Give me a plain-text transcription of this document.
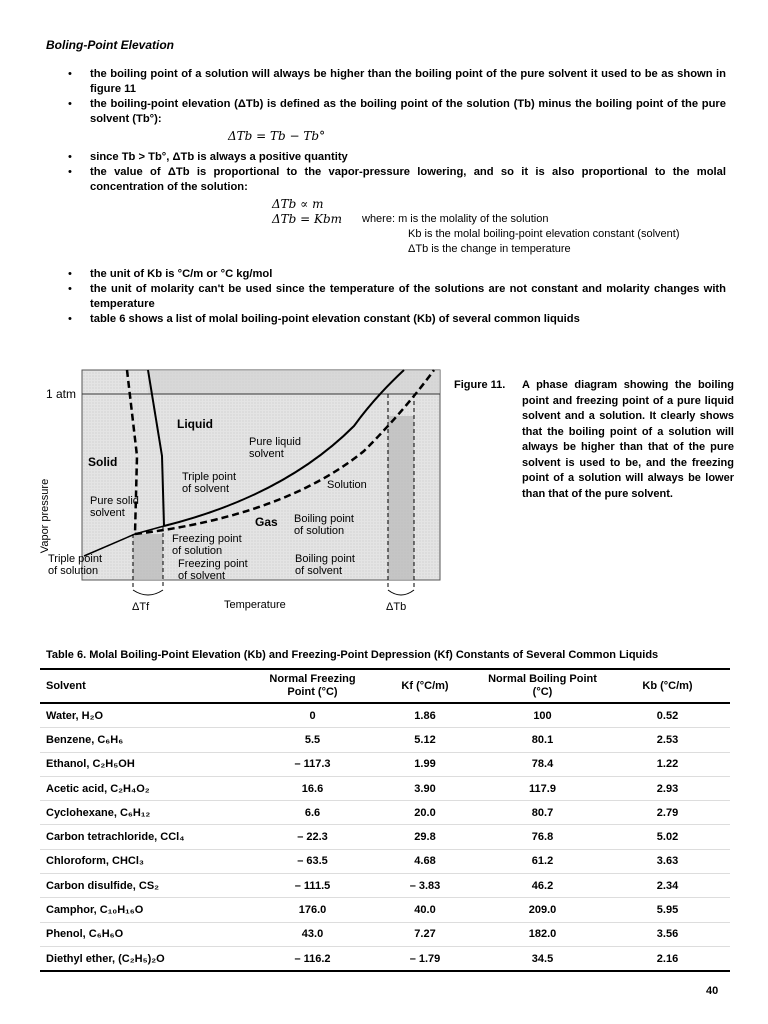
Boling-Point Elevation
• the boiling point of a solution will always be higher than the boiling point of the pure solvent it used to be as shown in figure 11
• the boiling-point elevation (ΔTb) is defined as the boiling point of the solution (Tb) minus the boiling point of the pure solvent (Tb°):
ΔTb = Tb − Tb°
• since Tb > Tb°, ΔTb is always a positive quantity
• the value of ΔTb is proportional to the vapor-pressure lowering, and so it is also proportional to the molal concentration of the solution:
ΔTb ∝ m
ΔTb = Kbm where: m is the molality of the solution
Kb is the molal boiling-point elevation constant (solvent)
ΔTb is the change in temperature
• the unit of Kb is °C/m or °C kg/mol
• the unit of molarity can't be used since the temperature of the solutions are not constant and molarity changes with temperature
• table 6 shows a list of molal boiling-point elevation constant (Kb) of several common liquids
1 atm
Vapor pressure
Liquid
Solid
Gas
Pure liquid
solvent
Triple point
of solvent	Solution
Pure solid
solvent	Boiling point
of solution
Freezing point
of solution
Triple point
of solution
Freezing point
of solvent
Boiling point
of solvent
ΔTf	Temperature	ΔTb
Figure 11.	A phase diagram showing the boiling point and freezing point of a pure liquid solvent and a solution. It clearly shows that the boiling point of a solution will always be higher than that of the pure solvent is used to be, and the freezing point of a solution will always be lower than that of the pure solvent.
Table 6. Molal Boiling-Point Elevation (Kb) and Freezing-Point Depression (Kf) Constants of Several Common Liquids
Solvent	Normal Freezing Point (°C)	Kf (°C/m)	Normal Boiling Point (°C)	Kb (°C/m)
Water, H₂O	0	1.86	100	0.52
Benzene, C₆H₆	5.5	5.12	80.1	2.53
Ethanol, C₂H₅OH	– 117.3	1.99	78.4	1.22
Acetic acid, C₂H₄O₂	16.6	3.90	117.9	2.93
Cyclohexane, C₆H₁₂	6.6	20.0	80.7	2.79
Carbon tetrachloride, CCl₄	– 22.3	29.8	76.8	5.02
Chloroform, CHCl₃	– 63.5	4.68	61.2	3.63
Carbon disulfide, CS₂	– 111.5	– 3.83	46.2	2.34
Camphor, C₁₀H₁₆O	176.0	40.0	209.0	5.95
Phenol, C₆H₆O	43.0	7.27	182.0	3.56
Diethyl ether, (C₂H₅)₂O	– 116.2	– 1.79	34.5	2.16
40
